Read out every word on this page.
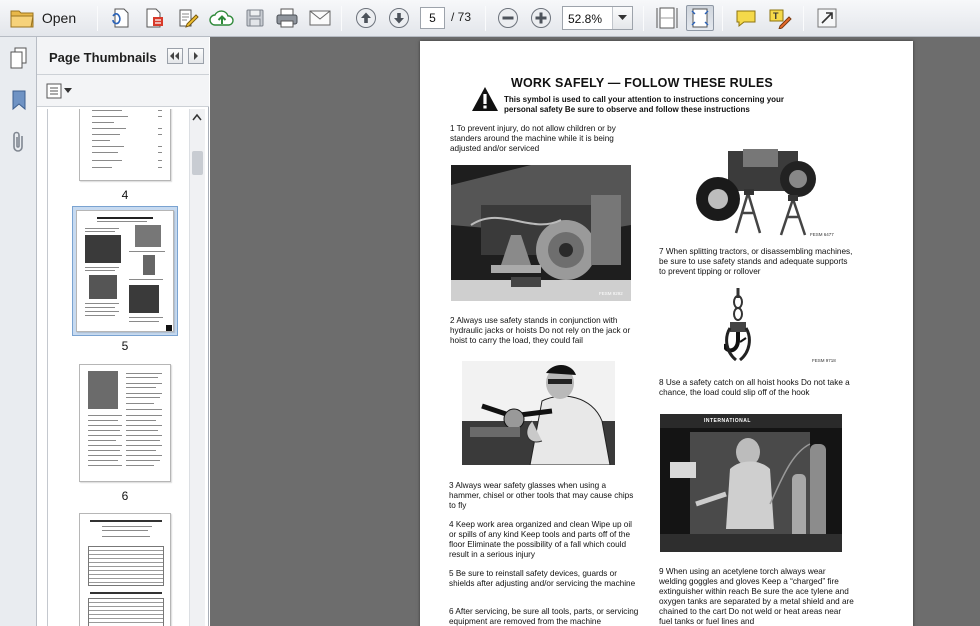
Open	5	/ 73	52.8%	T
Page Thumbnails
4
5
6
WORK SAFELY — FOLLOW THESE RULES
This symbol is used to call your attention to instructions concerning your personal safety Be sure to observe and follow these instructions
1 To prevent injury, do not allow children or by standers around the machine while it is being adjusted and/or serviced
FESM 9292
2 Always use safety stands in conjunction with hydraulic jacks or hoists Do not rely on the jack or hoist to carry the load, they could fail
3 Always wear safety glasses when using a hammer, chisel or other tools that may cause chips to fly
4 Keep work area organized and clean Wipe up oil or spills of any kind Keep tools and parts off of the floor Eliminate the possibility of a fall which could result in a serious injury
5 Be sure to reinstall safety devices, guards or shields after adjusting and/or servicing the machine
6 After servicing, be sure all tools, parts, or servicing equipment are removed from the machine
FESM 6477
7 When splitting tractors, or disassembling machines, be sure to use safety stands and adequate supports to prevent tipping or rollover
FESM 9718
8 Use a safety catch on all hoist hooks Do not take a chance, the load could slip off of the hook
INTERNATIONAL
9 When using an acetylene torch always wear welding goggles and gloves Keep a “charged” fire extinguisher within reach Be sure the ace tylene and oxygen tanks are separated by a metal shield and are chained to the cart Do not weld or heat areas near fuel tanks or fuel lines and
